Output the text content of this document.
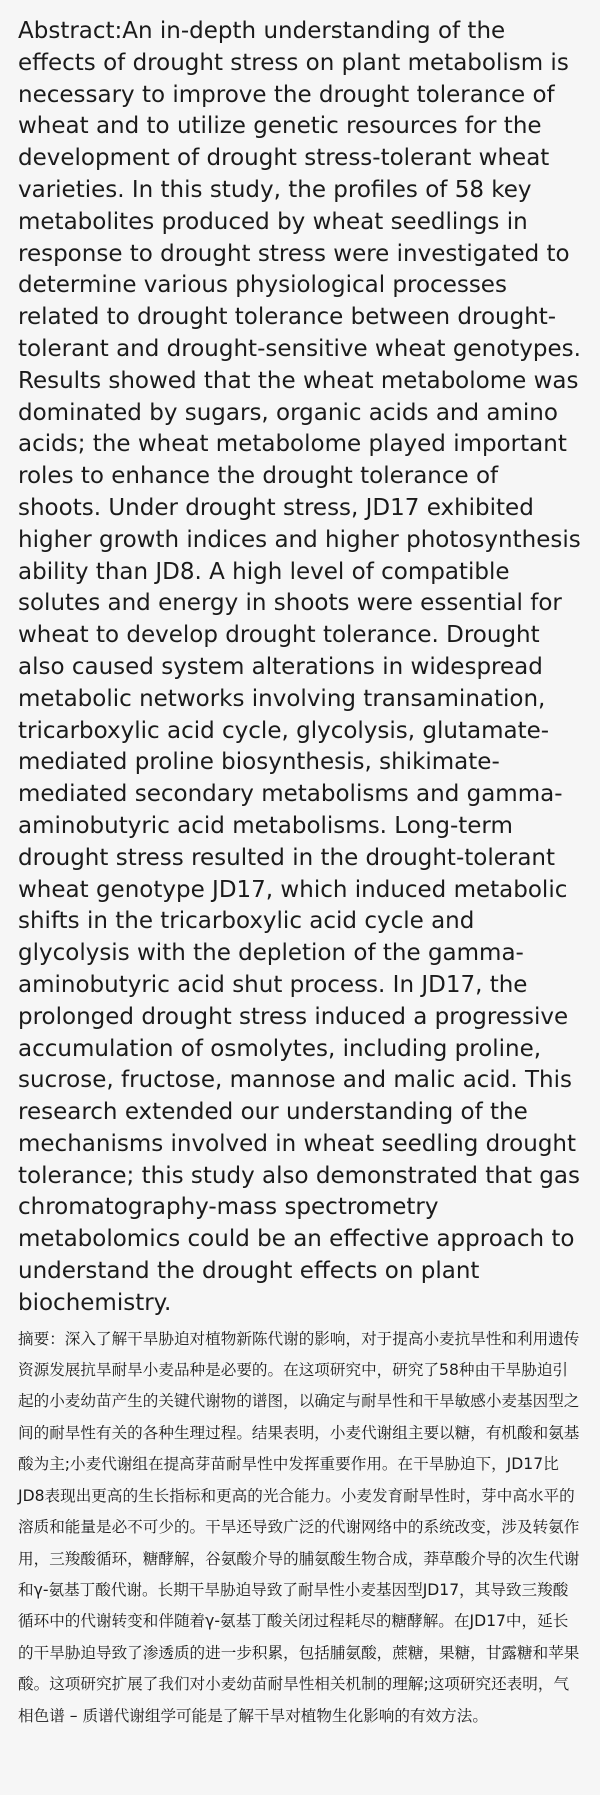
Abstract:An in-depth understanding of the effects of drought stress on plant metabolism is necessary to improve the drought tolerance of wheat and to utilize genetic resources for the development of drought stress-tolerant wheat varieties. In this study, the profiles of 58 key metabolites produced by wheat seedlings in response to drought stress were investigated to determine various physiological processes related to drought tolerance between drought-tolerant and drought-sensitive wheat genotypes. Results showed that the wheat metabolome was dominated by sugars, organic acids and amino acids; the wheat metabolome played important roles to enhance the drought tolerance of shoots. Under drought stress, JD17 exhibited higher growth indices and higher photosynthesis ability than JD8. A high level of compatible solutes and energy in shoots were essential for wheat to develop drought tolerance. Drought also caused system alterations in widespread metabolic networks involving transamination, tricarboxylic acid cycle, glycolysis, glutamate-mediated proline biosynthesis, shikimate-mediated secondary metabolisms and gamma-aminobutyric acid metabolisms. Long-term drought stress resulted in the drought-tolerant wheat genotype JD17, which induced metabolic shifts in the tricarboxylic acid cycle and glycolysis with the depletion of the gamma-aminobutyric acid shut process. In JD17, the prolonged drought stress induced a progressive accumulation of osmolytes, including proline, sucrose, fructose, mannose and malic acid. This research extended our understanding of the mechanisms involved in wheat seedling drought tolerance; this study also demonstrated that gas chromatography-mass spectrometry metabolomics could be an effective approach to understand the drought effects on plant biochemistry.

摘要：深入了解干旱胁迫对植物新陈代谢的影响，对于提高小麦抗旱性和利用遗传资源发展抗旱耐旱小麦品种是必要的。在这项研究中，研究了58种由干旱胁迫引起的小麦幼苗产生的关键代谢物的谱图，以确定与耐旱性和干旱敏感小麦基因型之间的耐旱性有关的各种生理过程。结果表明，小麦代谢组主要以糖，有机酸和氨基酸为主;小麦代谢组在提高芽苗耐旱性中发挥重要作用。在干旱胁迫下，JD17比JD8表现出更高的生长指标和更高的光合能力。小麦发育耐旱性时，芽中高水平的溶质和能量是必不可少的。干旱还导致广泛的代谢网络中的系统改变，涉及转氨作用，三羧酸循环，糖酵解，谷氨酸介导的脯氨酸生物合成，莽草酸介导的次生代谢和γ-氨基丁酸代谢。长期干旱胁迫导致了耐旱性小麦基因型JD17，其导致三羧酸循环中的代谢转变和伴随着γ-氨基丁酸关闭过程耗尽的糖酵解。在JD17中，延长的干旱胁迫导致了渗透质的进一步积累，包括脯氨酸，蔗糖，果糖，甘露糖和苹果酸。这项研究扩展了我们对小麦幼苗耐旱性相关机制的理解;这项研究还表明，气相色谱 – 质谱代谢组学可能是了解干旱对植物生化影响的有效方法。
